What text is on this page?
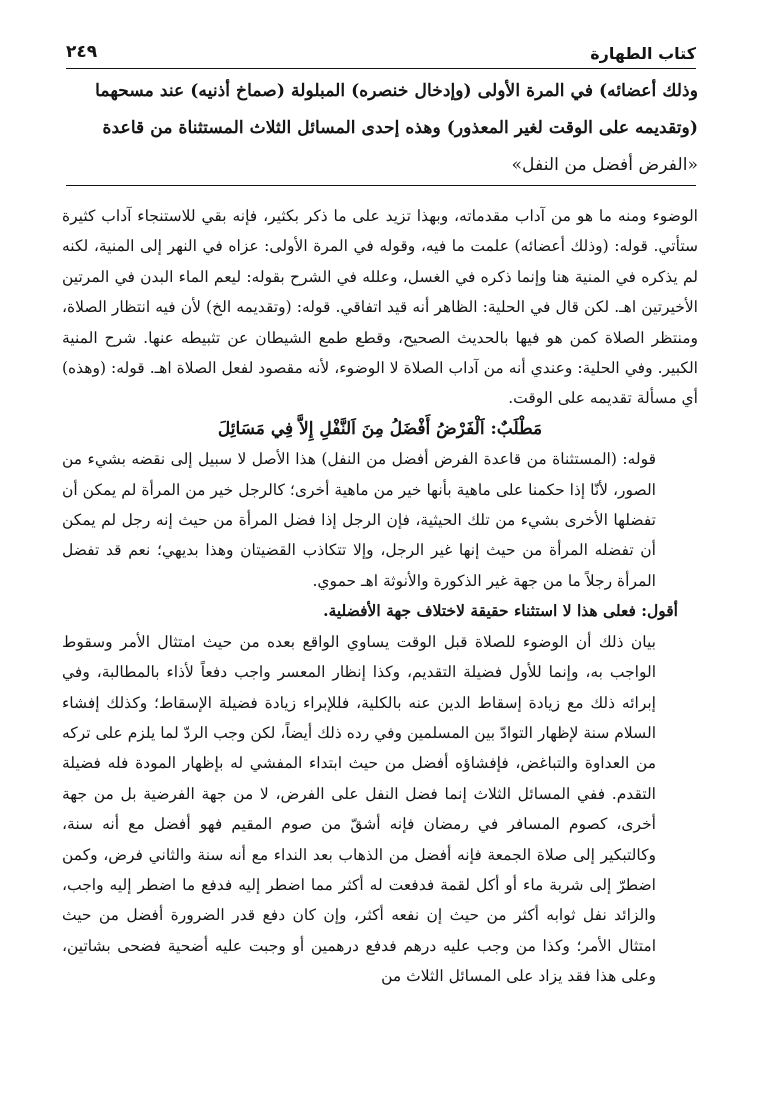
كتاب الطهارة
٢٤٩

وذلك أعضائه) في المرة الأولى (وإدخال خنصره) المبلولة (صماخ أذنيه) عند مسحهما

(وتقديمه على الوقت لغير المعذور) وهذه إحدى المسائل الثلاث المستثناة من قاعدة

«الفرض أفضل من النفل»

الوضوء ومنه ما هو من آداب مقدماته، وبهذا تزيد على ما ذكر بكثير، فإنه بقي للاستنجاء آداب كثيرة ستأتي. قوله: (وذلك أعضائه) علمت ما فيه، وقوله في المرة الأولى: عزاه في النهر إلى المنية، لكنه لم يذكره في المنية هنا وإنما ذكره في الغسل، وعلله في الشرح بقوله: ليعم الماء البدن في المرتين الأخيرتين اهـ. لكن قال في الحلية: الظاهر أنه قيد اتفاقي. قوله: (وتقديمه الخ) لأن فيه انتظار الصلاة، ومنتظر الصلاة كمن هو فيها بالحديث الصحيح، وقطع طمع الشيطان عن تثبيطه عنها. شرح المنية الكبير. وفي الحلية: وعندي أنه من آداب الصلاة لا الوضوء، لأنه مقصود لفعل الصلاة اهـ. قوله: (وهذه) أي مسألة تقديمه على الوقت.

مَطْلَبٌ: اَلْفَرْضُ أَفْضَلُ مِنَ اَلنَّفْلِ إِلاَّ فِي مَسَائِلَ

قوله: (المستثناة من قاعدة الفرض أفضل من النفل) هذا الأصل لا سبيل إلى نقضه بشيء من الصور، لأنّا إذا حكمنا على ماهية بأنها خير من ماهية أخرى؛ كالرجل خير من المرأة لم يمكن أن تفضلها الأخرى بشيء من تلك الحيثية، فإن الرجل إذا فضل المرأة من حيث إنه رجل لم يمكن أن تفضله المرأة من حيث إنها غير الرجل، وإلا تتكاذب القضيتان وهذا بديهي؛ نعم قد تفضل المرأة رجلاً ما من جهة غير الذكورة والأنوثة اهـ حموي.

أقول: فعلى هذا لا استثناء حقيقة لاختلاف جهة الأفضلية.

بيان ذلك أن الوضوء للصلاة قبل الوقت يساوي الواقع بعده من حيث امتثال الأمر وسقوط الواجب به، وإنما للأول فضيلة التقديم، وكذا إنظار المعسر واجب دفعاً لأذاء بالمطالبة، وفي إبرائه ذلك مع زيادة إسقاط الدين عنه بالكلية، فللإبراء زيادة فضيلة الإسقاط؛ وكذلك إفشاء السلام سنة لإظهار التوادّ بين المسلمين وفي رده ذلك أيضاً، لكن وجب الردّ لما يلزم على تركه من العداوة والتباغض، فإفشاؤه أفضل من حيث ابتداء المفشي له بإظهار المودة فله فضيلة التقدم. ففي المسائل الثلاث إنما فضل النفل على الفرض، لا من جهة الفرضية بل من جهة أخرى، كصوم المسافر في رمضان فإنه أشقّ من صوم المقيم فهو أفضل مع أنه سنة، وكالتبكير إلى صلاة الجمعة فإنه أفضل من الذهاب بعد النداء مع أنه سنة والثاني فرض، وكمن اضطرّ إلى شربة ماء أو أكل لقمة فدفعت له أكثر مما اضطر إليه فدفع ما اضطر إليه واجب، والزائد نفل ثوابه أكثر من حيث إن نفعه أكثر، وإن كان دفع قدر الضرورة أفضل من حيث امتثال الأمر؛ وكذا من وجب عليه درهم فدفع درهمين أو وجبت عليه أضحية فضحى بشاتين، وعلى هذا فقد يزاد على المسائل الثلاث من
